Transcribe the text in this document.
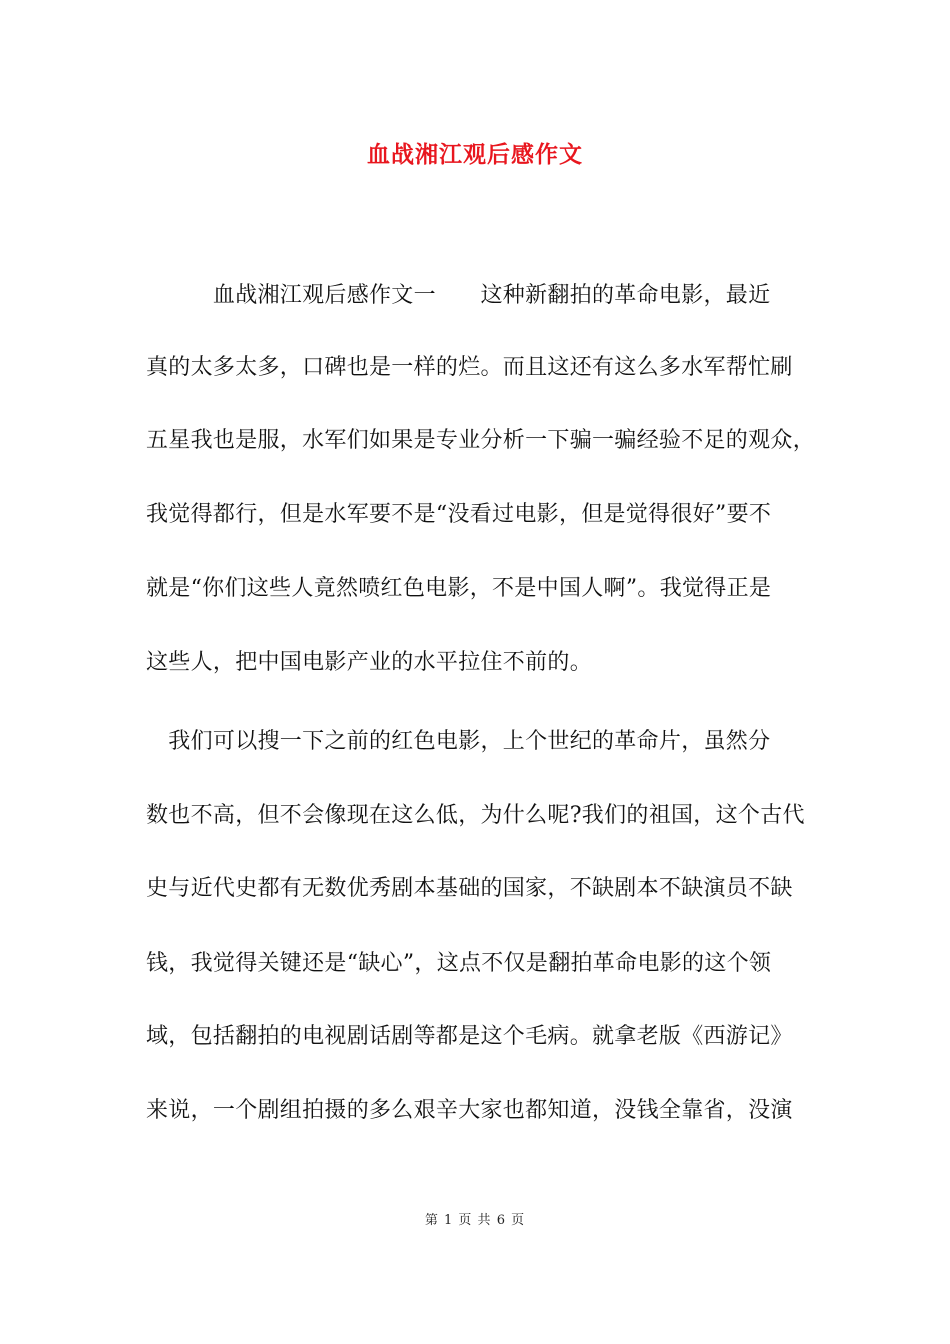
血战湘江观后感作文
　　　血战湘江观后感作文一　　这种新翻拍的革命电影，最近
真的太多太多，口碑也是一样的烂。而且这还有这么多水军帮忙刷
五星我也是服，水军们如果是专业分析一下骗一骗经验不足的观众，
我觉得都行，但是水军要不是“没看过电影，但是觉得很好”要不
就是“你们这些人竟然喷红色电影，不是中国人啊”。我觉得正是
这些人，把中国电影产业的水平拉住不前的。
　我们可以搜一下之前的红色电影，上个世纪的革命片，虽然分
数也不高，但不会像现在这么低，为什么呢?我们的祖国，这个古代
史与近代史都有无数优秀剧本基础的国家，不缺剧本不缺演员不缺
钱，我觉得关键还是“缺心”，这点不仅是翻拍革命电影的这个领
域，包括翻拍的电视剧话剧等都是这个毛病。就拿老版《西游记》
来说，一个剧组拍摄的多么艰辛大家也都知道，没钱全靠省，没演
第 1 页 共 6 页
